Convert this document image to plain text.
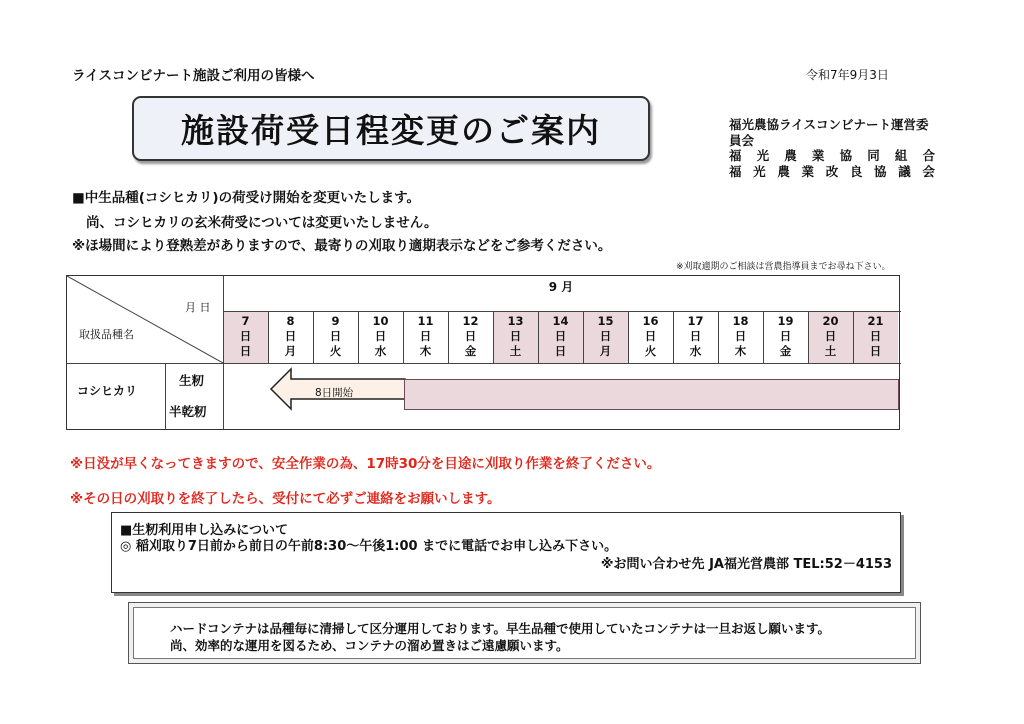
ライスコンビナート施設ご利用の皆様へ	令和7年9月3日
施設荷受日程変更のご案内	福光農協ライスコンビナート運営委員会
福 光 農 業 協 同 組 合
福 光 農 業 改 良 協 議 会
■中生品種(コシヒカリ)の荷受け開始を変更いたします。
尚、コシヒカリの玄米荷受については変更いたしません。
※ほ場間により登熟差がありますので、最寄りの刈取り適期表示などをご参考ください。
※刈取適期のご相談は営農指導員までお尋ね下さい。
月 日
取扱品種名
9 月
コシヒカリ
生籾
半乾籾
8日開始
7
日
日
8
日
月
9
日
火
10
日
水
11
日
木
12
日
金
13
日
土
14
日
日
15
日
月
16
日
火
17
日
水
18
日
木
19
日
金
20
日
土
21
日
日
※日没が早くなってきますので、安全作業の為、17時30分を目途に刈取り作業を終了ください。
※その日の刈取りを終了したら、受付にて必ずご連絡をお願いします。
■生籾利用申し込みについて
◎ 稲刈取り7日前から前日の午前8:30～午後1:00 までに電話でお申し込み下さい。
※お問い合わせ先 JA福光営農部 TEL:52－4153
ハードコンテナは品種毎に清掃して区分運用しております。早生品種で使用していたコンテナは一旦お返し願います。
尚、効率的な運用を図るため、コンテナの溜め置きはご遠慮願います。
